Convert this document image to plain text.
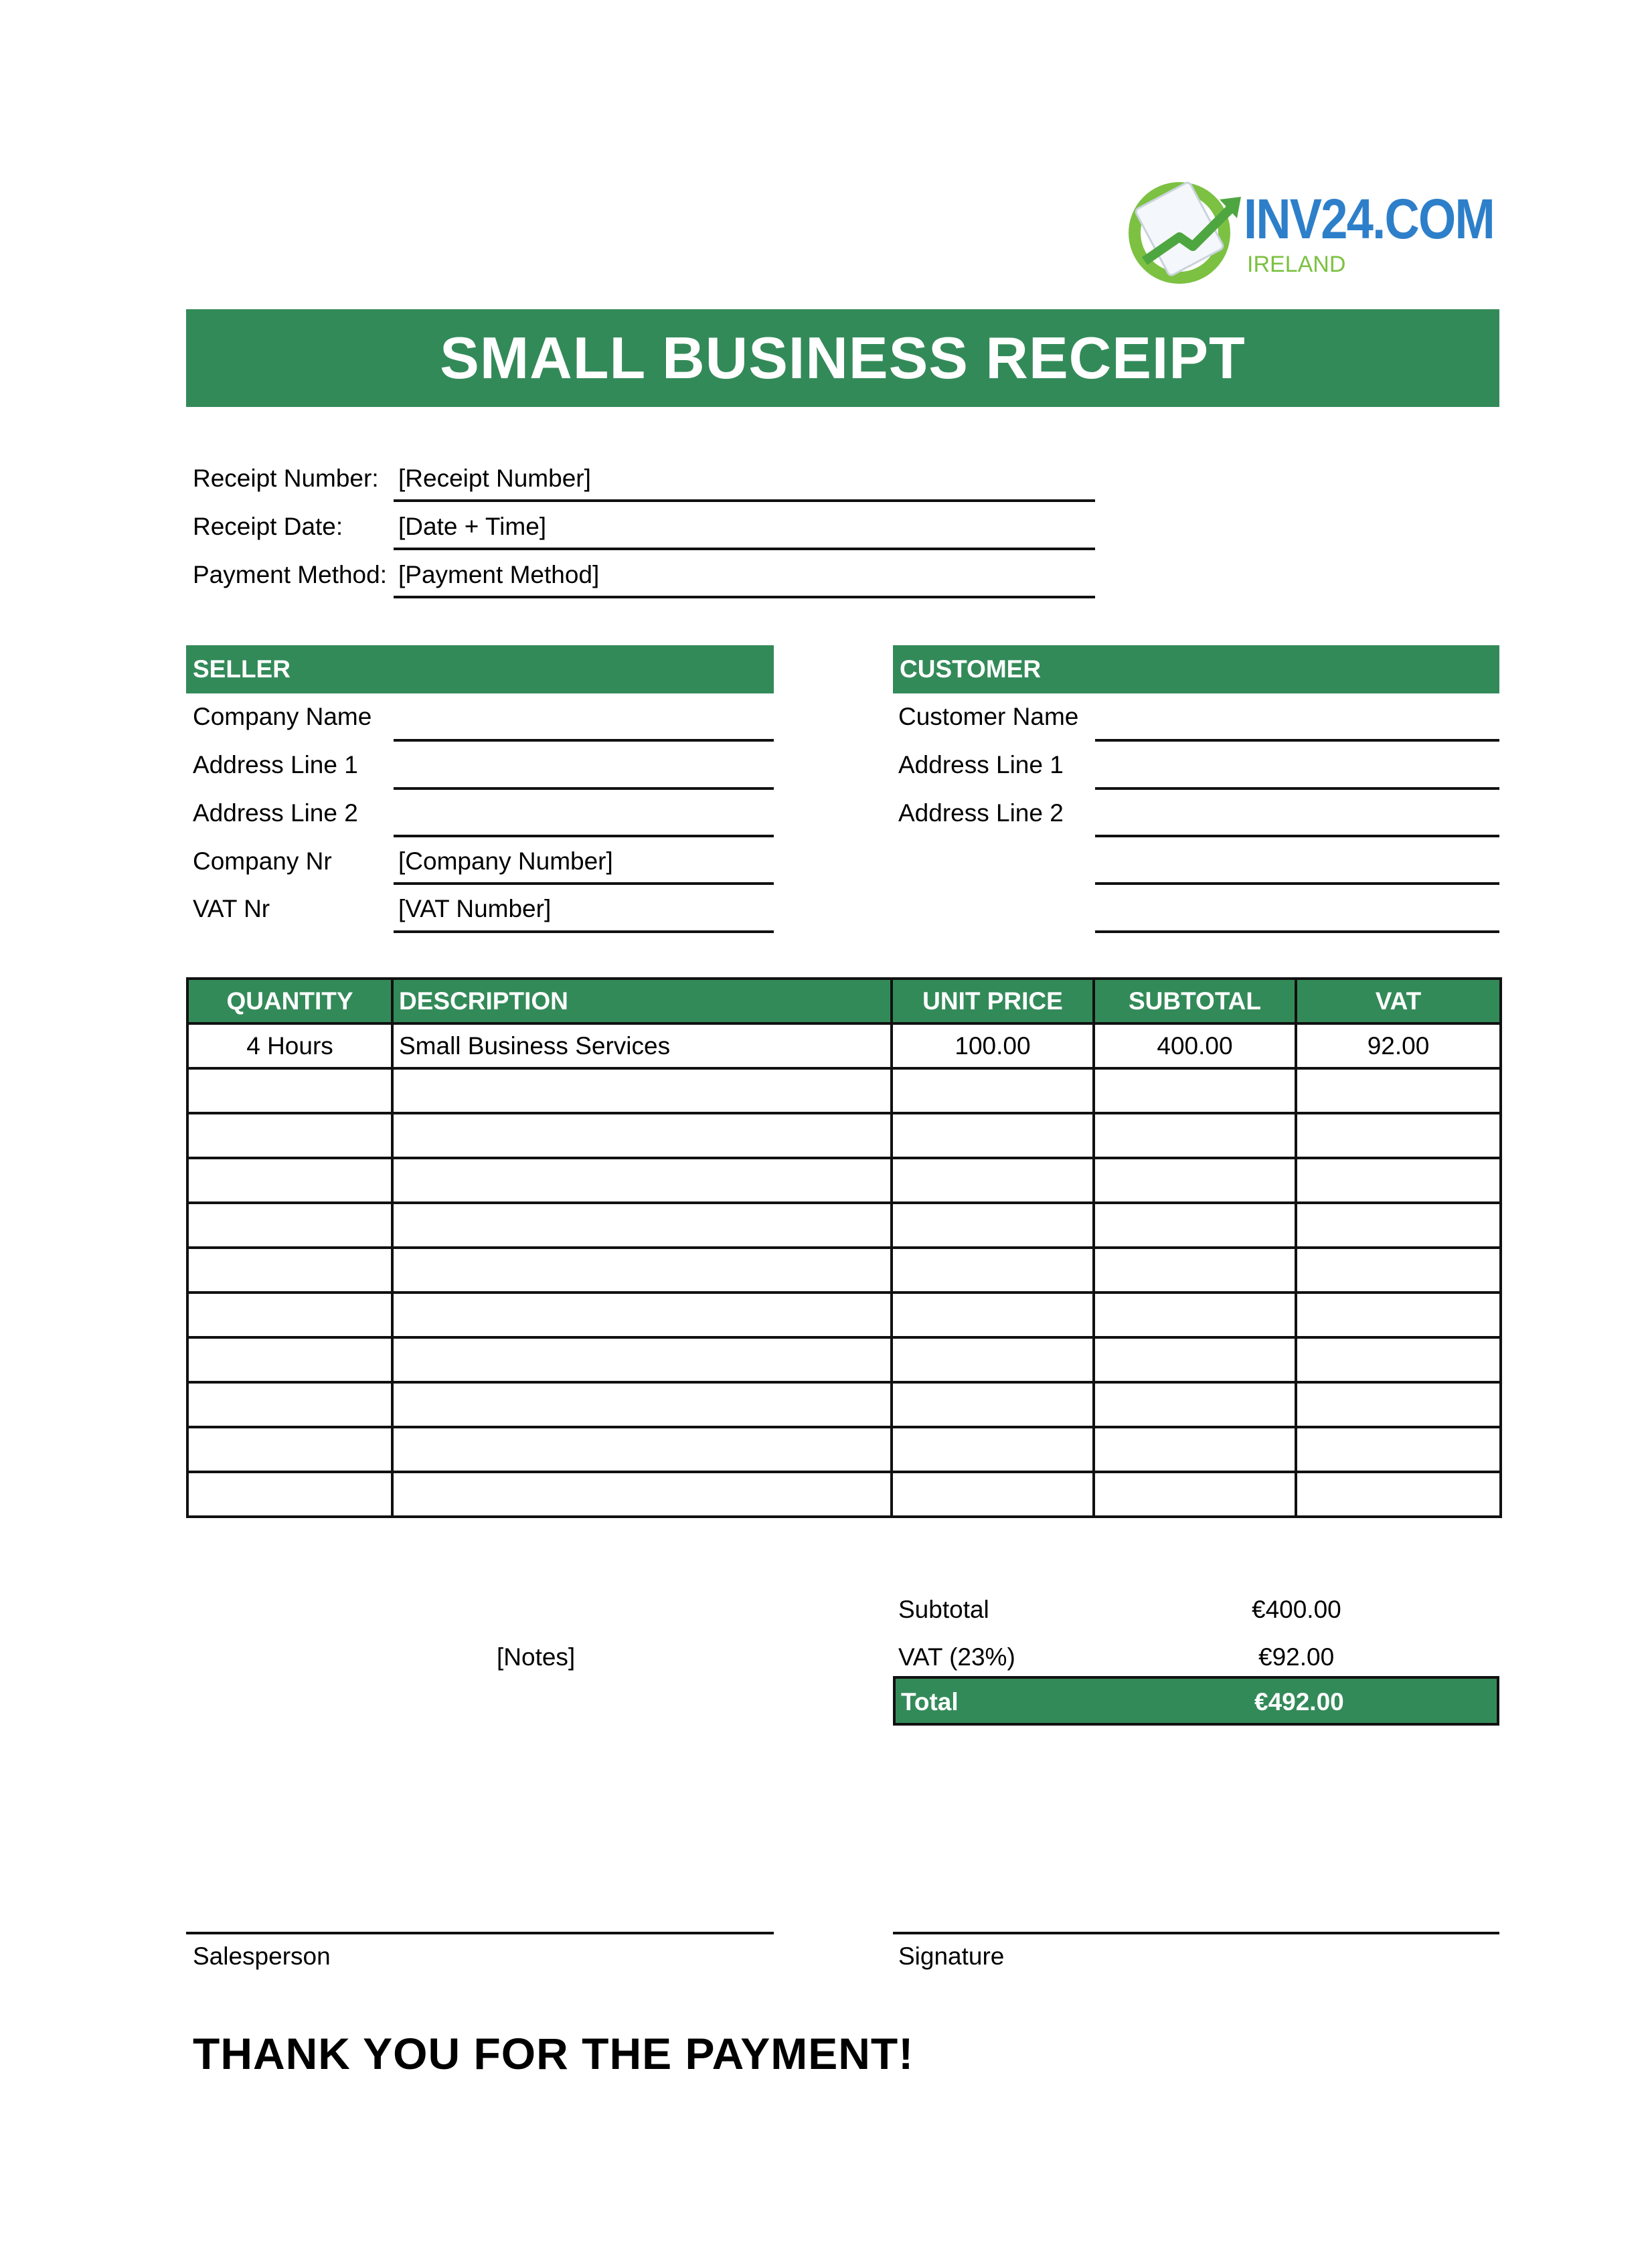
INV24.COM
IRELAND
SMALL BUSINESS RECEIPT
Receipt Number: [Receipt Number]
Receipt Date: [Date + Time]
Payment Method: [Payment Method]
SELLER
Company Name
Address Line 1
Address Line 2
Company Nr	[Company Number]
VAT Nr	[VAT Number]
CUSTOMER
Customer Name
Address Line 1
Address Line 2
QUANTITY	DESCRIPTION	UNIT PRICE	SUBTOTAL	VAT
4 Hours	Small Business Services	100.00	400.00	92.00

[Notes]
Subtotal	€400.00
VAT (23%)	€92.00
Total	€492.00
Salesperson	Signature
THANK YOU FOR THE PAYMENT!
